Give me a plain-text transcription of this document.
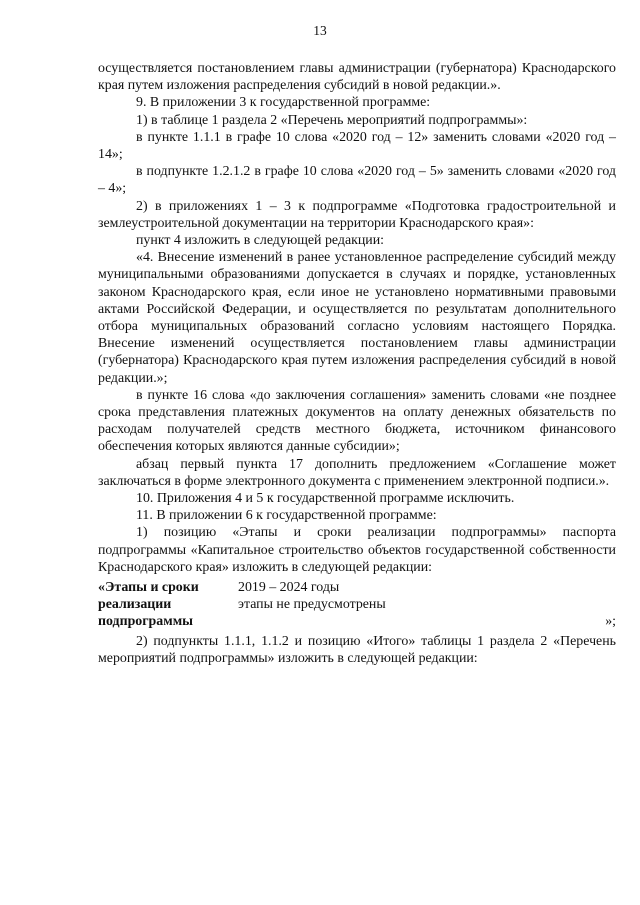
13

осуществляется постановлением главы администрации (губернатора) Краснодарского края путем изложения распределения субсидий в новой редакции.».

9. В приложении 3 к государственной программе:

1) в таблице 1 раздела 2 «Перечень мероприятий подпрограммы»:

в пункте 1.1.1 в графе 10 слова «2020 год – 12» заменить словами «2020 год – 14»;

в подпункте 1.2.1.2 в графе 10 слова «2020 год – 5» заменить словами «2020 год – 4»;

2) в приложениях 1 – 3 к подпрограмме «Подготовка градостроительной и землеустроительной документации на территории Краснодарского края»:

пункт 4 изложить в следующей редакции:

«4. Внесение изменений в ранее установленное распределение субсидий между муниципальными образованиями допускается в случаях и порядке, установленных законом Краснодарского края, если иное не установлено нормативными правовыми актами Российской Федерации, и осуществляется по результатам дополнительного отбора муниципальных образований согласно условиям настоящего Порядка. Внесение изменений осуществляется постановлением главы администрации (губернатора) Краснодарского края путем изложения распределения субсидий в новой редакции.»;

в пункте 16 слова «до заключения соглашения» заменить словами «не позднее срока представления платежных документов на оплату денежных обязательств по расходам получателей средств местного бюджета, источником финансового обеспечения которых являются данные субсидии»;

абзац первый пункта 17 дополнить предложением «Соглашение может заключаться в форме электронного документа с применением электронной подписи.».

10. Приложения 4 и 5 к государственной программе исключить.

11. В приложении 6 к государственной программе:

1) позицию «Этапы и сроки реализации подпрограммы» паспорта подпрограммы «Капитальное строительство объектов государственной собственности Краснодарского края» изложить в следующей редакции:

«Этапы и сроки
реализации
подпрограммы
2019 – 2024 годы
этапы не предусмотрены
»;

2) подпункты 1.1.1, 1.1.2 и позицию «Итого» таблицы 1 раздела 2 «Перечень мероприятий подпрограммы» изложить в следующей редакции:
